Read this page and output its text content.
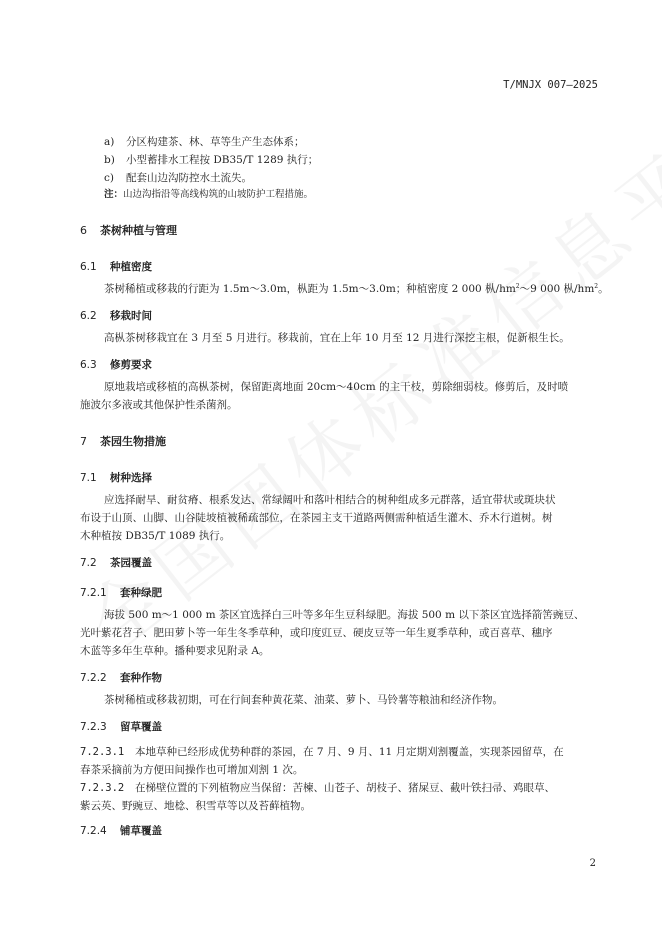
T/MNJX 007—2025
a) 分区构建茶、林、草等生产生态体系；
b) 小型蓄排水工程按 DB35/T 1289 执行；
c) 配套山边沟防控水土流失。
注：山边沟指沿等高线构筑的山坡防护工程措施。
6 茶树种植与管理
6.1 种植密度
茶树稀植或移栽的行距为 1.5m～3.0m，枞距为 1.5m～3.0m；种植密度 2 000 枞$/hm^2\sim 9$ 000 枞$/hm^2$。
6.2 移栽时间
高枞茶树移栽宜在 3 月至 5 月进行。移栽前，宜在上年 10 月至 12 月进行深挖主根，促新根生长。
6.3 修剪要求
原地栽培或移植的高枞茶树，保留距离地面 20cm～40cm 的主干枝，剪除细弱枝。修剪后，及时喷
施波尔多液或其他保护性杀菌剂。
7 茶园生物措施
7.1 树种选择
应选择耐旱、耐贫瘠、根系发达、常绿阔叶和落叶相结合的树种组成多元群落，适宜带状或斑块状
布设于山顶、山脚、山谷陡坡植被稀疏部位，在茶园主支干道路两侧需种植适生灌木、乔木行道树。树
木种植按 DB35/T 1089 执行。
7.2 茶园覆盖
7.2.1 套种绿肥
海拔 500 m～1 000 m 茶区宜选择白三叶等多年生豆科绿肥。海拔 500 m 以下茶区宜选择箭筈豌豆、
光叶紫花苕子、肥田萝卜等一年生冬季草种，或印度豇豆、硬皮豆等一年生夏季草种，或百喜草、穗序
木蓝等多年生草种。播种要求见附录 A。
7.2.2 套种作物
茶树稀植或移栽初期，可在行间套种黄花菜、油菜、萝卜、马铃薯等粮油和经济作物。
7.2.3 留草覆盖
7.2.3.1 本地草种已经形成优势种群的茶园，在 7 月、9 月、11 月定期刈割覆盖，实现茶园留草，在
春茶采摘前为方便田间操作也可增加刈割 1 次。
7.2.3.2 在梯壁位置的下列植物应当保留：苦楝、山苍子、胡枝子、猪屎豆、截叶铁扫帚、鸡眼草、
紫云英、野豌豆、地棯、积雪草等以及苔藓植物。
7.2.4 铺草覆盖
2
